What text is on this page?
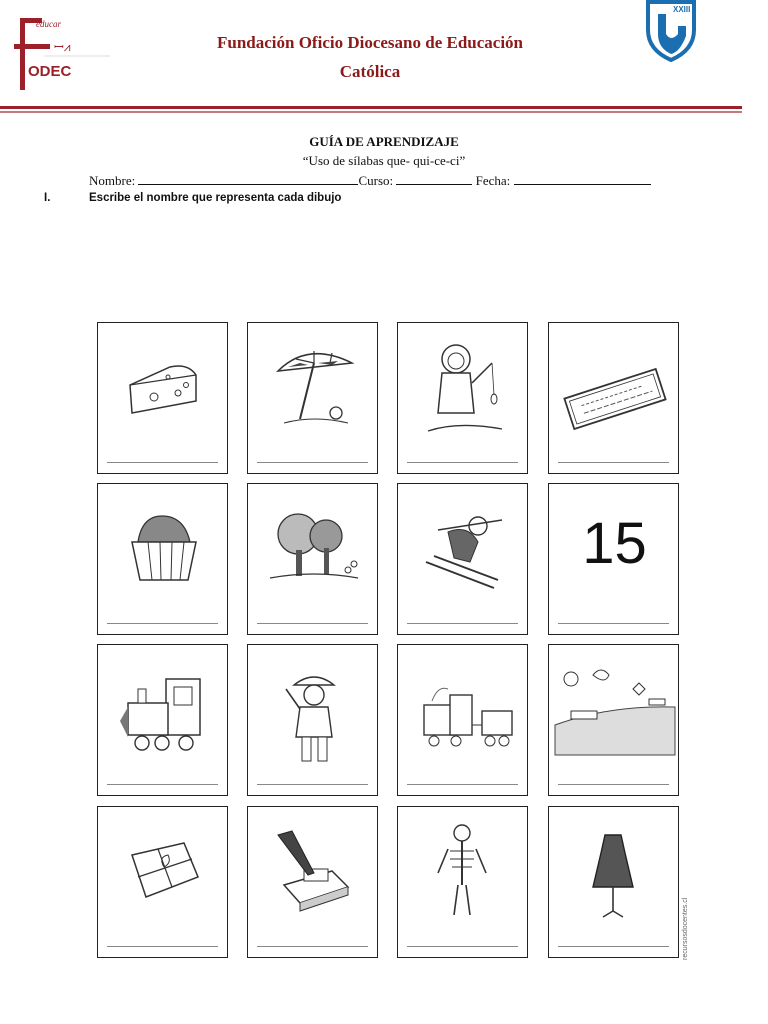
educar
ꟷ⩘
ODEC
XXIII
Fundación Oficio Diocesano de Educación
Católica
GUÍA DE APRENDIZAJE
“Uso de sílabas que- qui-ce-ci”
Nombre:	Curso:	Fecha:
I.	Escribe el nombre que representa cada dibujo
15
recursosdocentes.cl
